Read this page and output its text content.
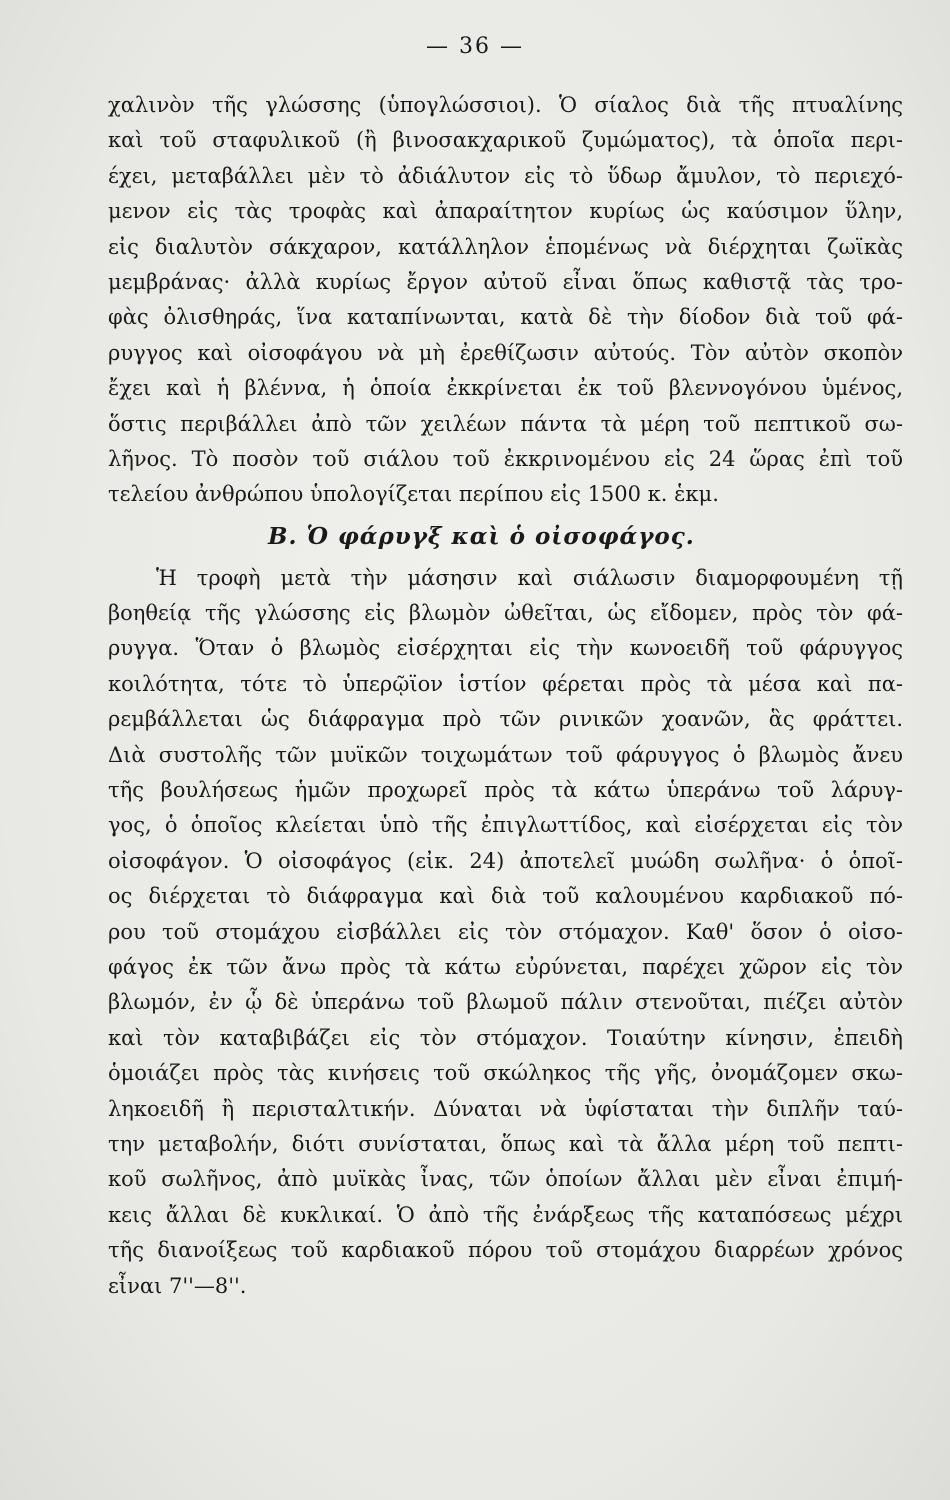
— 36 —
χαλινὸν τῆς γλώσσης (ὑπογλώσσιοι). Ὁ σίαλος διὰ τῆς πτυαλίνης
καὶ τοῦ σταφυλικοῦ (ἢ βινοσακχαρικοῦ ζυμώματος), τὰ ὁποῖα περι-
έχει, μεταβάλλει μὲν τὸ ἀδιάλυτον εἰς τὸ ὕδωρ ἄμυλον, τὸ περιεχό-
μενον εἰς τὰς τροφὰς καὶ ἀπαραίτητον κυρίως ὡς καύσιμον ὕλην,
εἰς διαλυτὸν σάκχαρον, κατάλληλον ἑπομένως νὰ διέρχηται ζωϊκὰς
μεμβράνας· ἀλλὰ κυρίως ἔργον αὐτοῦ εἶναι ὅπως καθιστᾷ τὰς τρο-
φὰς ὀλισθηράς, ἵνα καταπίνωνται, κατὰ δὲ τὴν δίοδον διὰ τοῦ φά-
ρυγγος καὶ οἰσοφάγου νὰ μὴ ἐρεθίζωσιν αὐτούς. Τὸν αὐτὸν σκοπὸν
ἔχει καὶ ἡ βλέννα, ἡ ὁποία ἐκκρίνεται ἐκ τοῦ βλεννογόνου ὑμένος,
ὅστις περιβάλλει ἀπὸ τῶν χειλέων πάντα τὰ μέρη τοῦ πεπτικοῦ σω-
λῆνος. Τὸ ποσὸν τοῦ σιάλου τοῦ ἐκκρινομένου εἰς 24 ὥρας ἐπὶ τοῦ
τελείου ἀνθρώπου ὑπολογίζεται περίπου εἰς 1500 κ. ἑκμ.
Β. Ὁ φάρυγξ καὶ ὁ οἰσοφάγος.
Ἡ τροφὴ μετὰ τὴν μάσησιν καὶ σιάλωσιν διαμορφουμένη τῇ
βοηθείᾳ τῆς γλώσσης εἰς βλωμὸν ὠθεῖται, ὡς εἴδομεν, πρὸς τὸν φά-
ρυγγα. Ὅταν ὁ βλωμὸς εἰσέρχηται εἰς τὴν κωνοειδῆ τοῦ φάρυγγος
κοιλότητα, τότε τὸ ὑπερῷϊον ἱστίον φέρεται πρὸς τὰ μέσα καὶ πα-
ρεμβάλλεται ὡς διάφραγμα πρὸ τῶν ρινικῶν χοανῶν, ἃς φράττει.
Διὰ συστολῆς τῶν μυϊκῶν τοιχωμάτων τοῦ φάρυγγος ὁ βλωμὸς ἄνευ
τῆς βουλήσεως ἡμῶν προχωρεῖ πρὸς τὰ κάτω ὑπεράνω τοῦ λάρυγ-
γος, ὁ ὁποῖος κλείεται ὑπὸ τῆς ἐπιγλωττίδος, καὶ εἰσέρχεται εἰς τὸν
οἰσοφάγον. Ὁ οἰσοφάγος (εἰκ. 24) ἀποτελεῖ μυώδη σωλῆνα· ὁ ὁποῖ-
ος διέρχεται τὸ διάφραγμα καὶ διὰ τοῦ καλουμένου καρδιακοῦ πό-
ρου τοῦ στομάχου εἰσβάλλει εἰς τὸν στόμαχον. Καθ' ὅσον ὁ οἰσο-
φάγος ἐκ τῶν ἄνω πρὸς τὰ κάτω εὐρύνεται, παρέχει χῶρον εἰς τὸν
βλωμόν, ἐν ᾧ δὲ ὑπεράνω τοῦ βλωμοῦ πάλιν στενοῦται, πιέζει αὐτὸν
καὶ τὸν καταβιβάζει εἰς τὸν στόμαχον. Τοιαύτην κίνησιν, ἐπειδὴ
ὁμοιάζει πρὸς τὰς κινήσεις τοῦ σκώληκος τῆς γῆς, ὀνομάζομεν σκω-
ληκοειδῆ ἢ περισταλτικήν. Δύναται νὰ ὑφίσταται τὴν διπλῆν ταύ-
την μεταβολήν, διότι συνίσταται, ὅπως καὶ τὰ ἄλλα μέρη τοῦ πεπτι-
κοῦ σωλῆνος, ἀπὸ μυϊκὰς ἶνας, τῶν ὁποίων ἄλλαι μὲν εἶναι ἐπιμή-
κεις ἄλλαι δὲ κυκλικαί. Ὁ ἀπὸ τῆς ἐνάρξεως τῆς καταπόσεως μέχρι
τῆς διανοίξεως τοῦ καρδιακοῦ πόρου τοῦ στομάχου διαρρέων χρόνος
εἶναι 7''—8''.
